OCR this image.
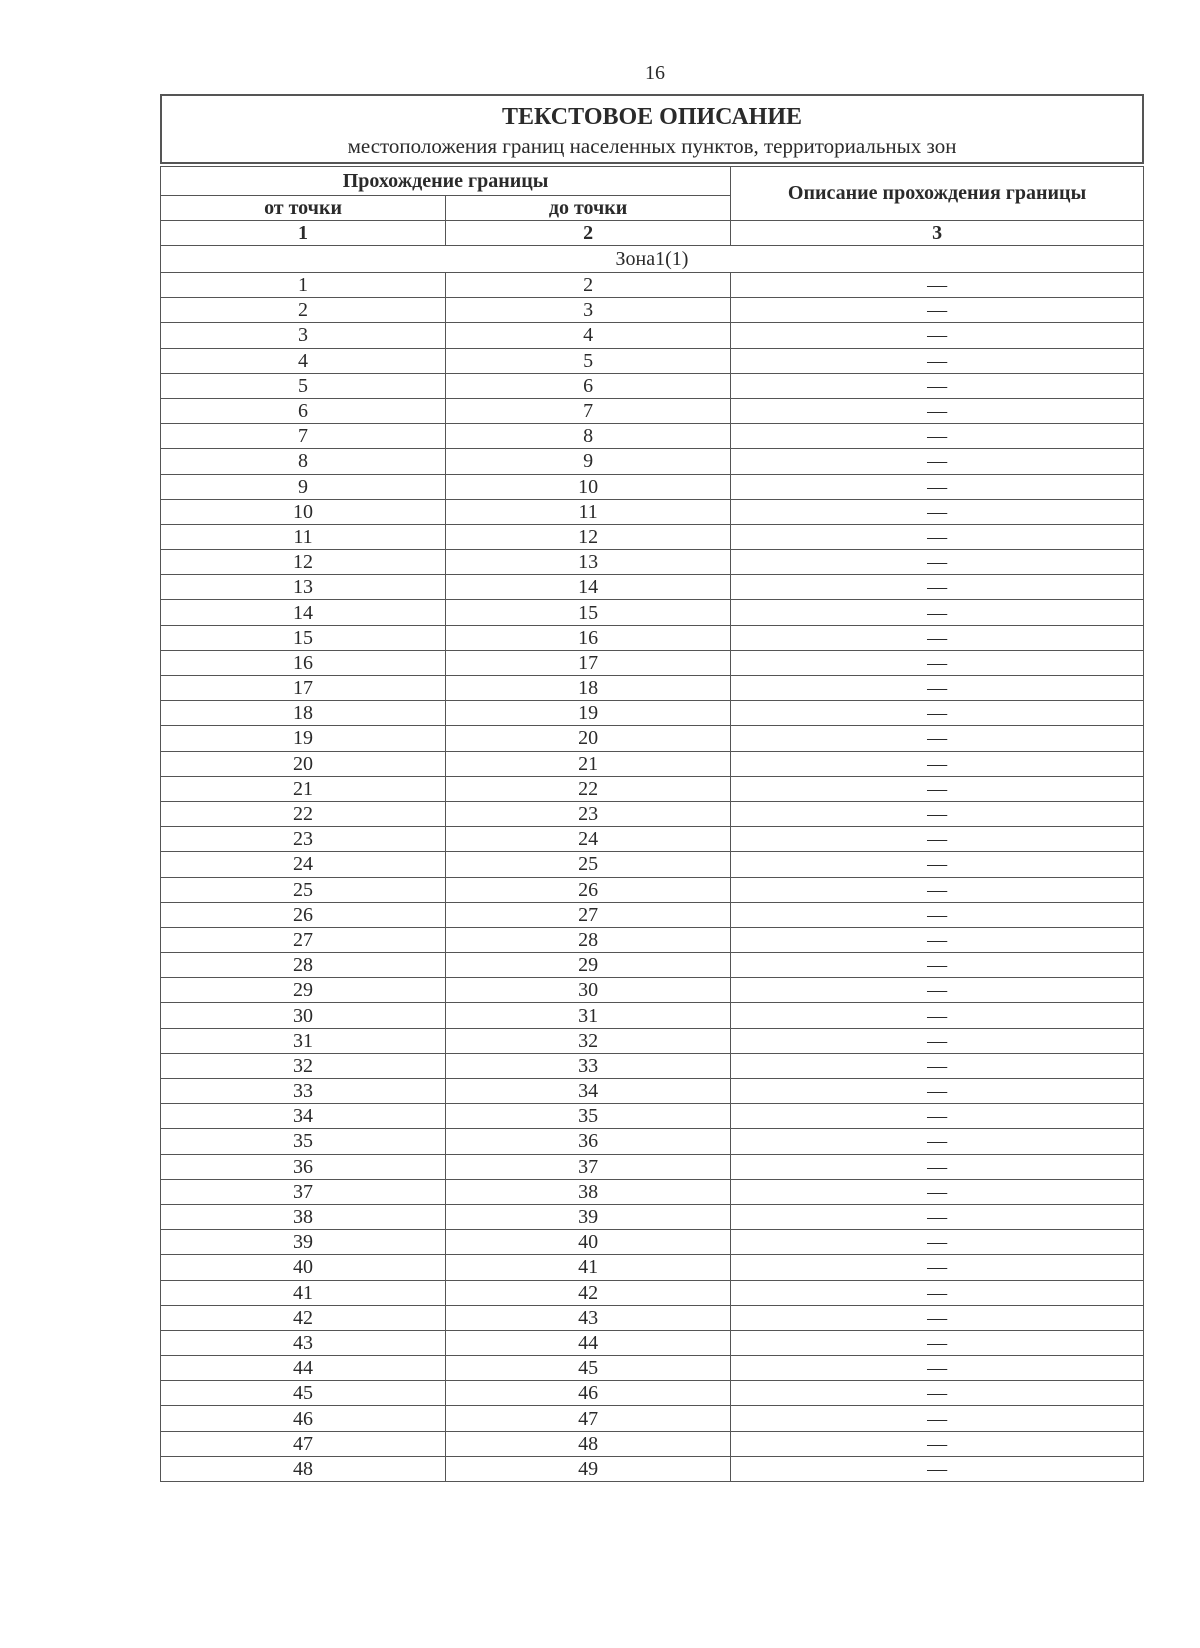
16
ТЕКСТОВОЕ ОПИСАНИЕ
местоположения границ населенных пунктов, территориальных зон
Прохождение границы		Описание прохождения границы
от точки	до точки	
1	2	3
Зона1(1)		
1	2	—
2	3	—
3	4	—
4	5	—
5	6	—
6	7	—
7	8	—
8	9	—
9	10	—
10	11	—
11	12	—
12	13	—
13	14	—
14	15	—
15	16	—
16	17	—
17	18	—
18	19	—
19	20	—
20	21	—
21	22	—
22	23	—
23	24	—
24	25	—
25	26	—
26	27	—
27	28	—
28	29	—
29	30	—
30	31	—
31	32	—
32	33	—
33	34	—
34	35	—
35	36	—
36	37	—
37	38	—
38	39	—
39	40	—
40	41	—
41	42	—
42	43	—
43	44	—
44	45	—
45	46	—
46	47	—
47	48	—
48	49	—
